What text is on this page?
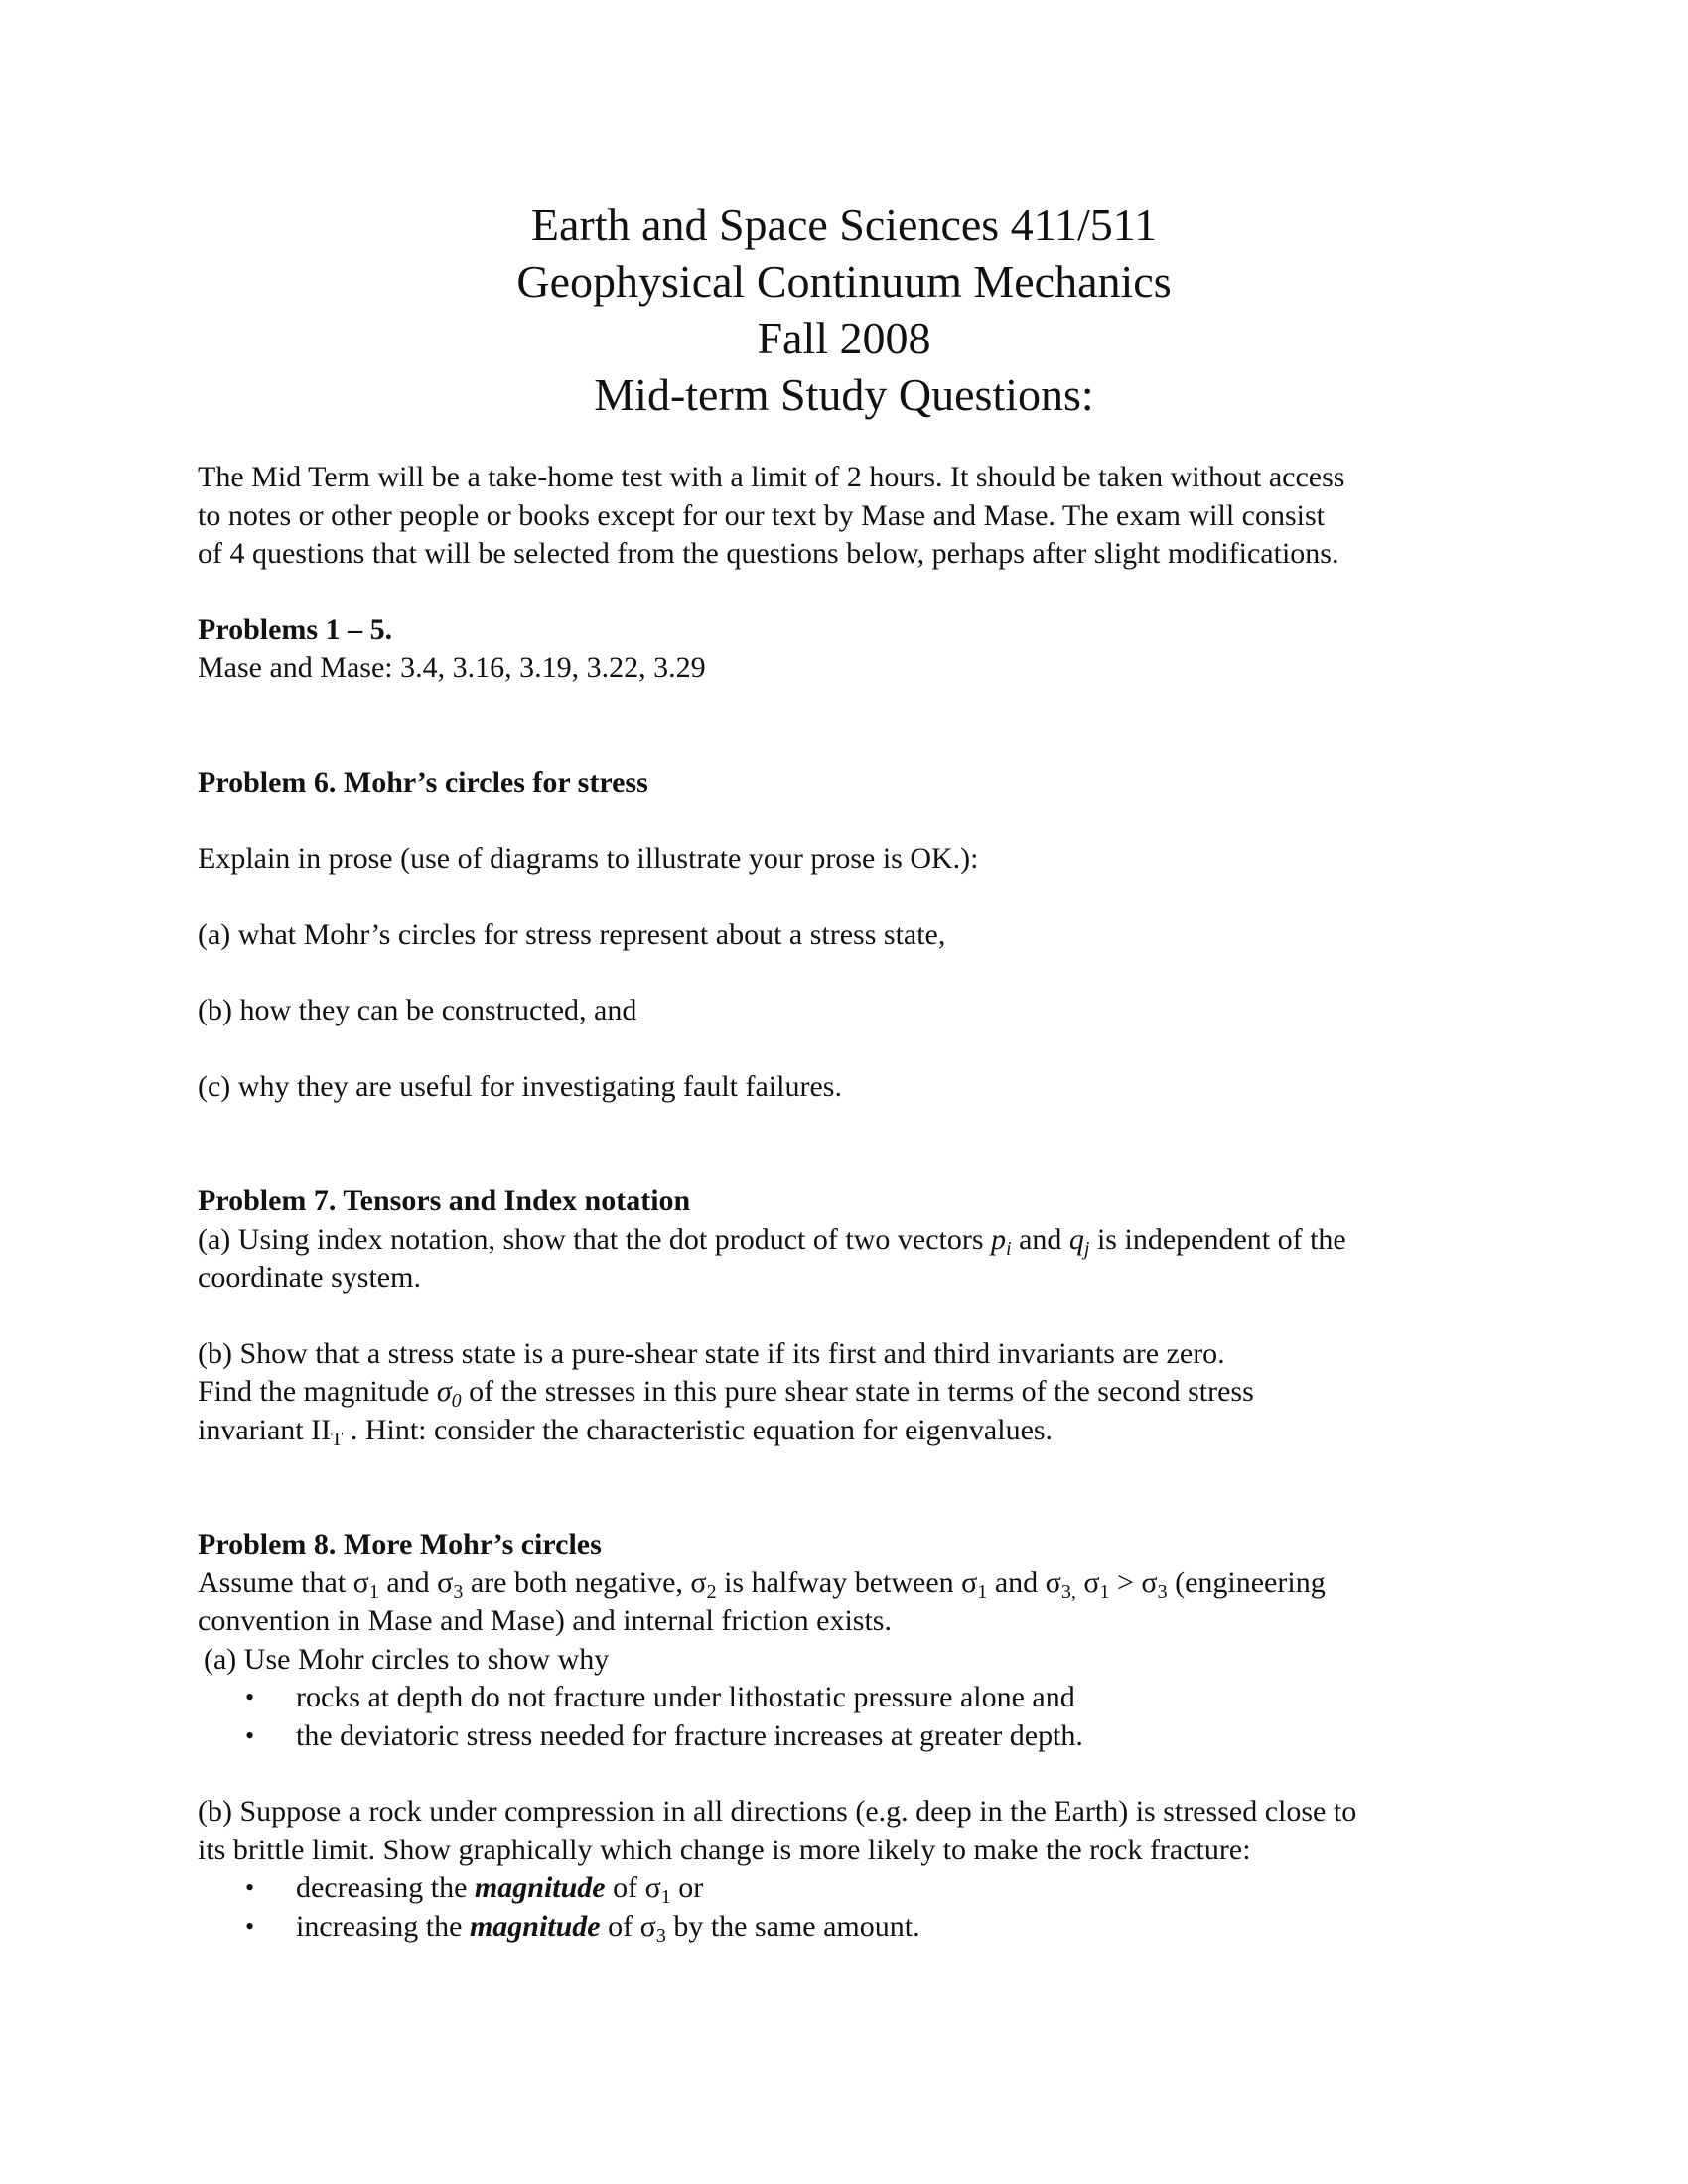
Earth and Space Sciences 411/511
Geophysical Continuum Mechanics
Fall 2008
Mid-term Study Questions:

The Mid Term will be a take-home test with a limit of 2 hours. It should be taken without access

to notes or other people or books except for our text by Mase and Mase. The exam will consist

of 4 questions that will be selected from the questions below, perhaps after slight modifications.

Problems 1 – 5.

Mase and Mase: 3.4, 3.16, 3.19, 3.22, 3.29

Problem 6. Mohr’s circles for stress

Explain in prose (use of diagrams to illustrate your prose is OK.):

(a) what Mohr’s circles for stress represent about a stress state,

(b) how they can be constructed, and

(c) why they are useful for investigating fault failures.

Problem 7. Tensors and Index notation

(a) Using index notation, show that the dot product of two vectors $p_i$ and $q_j$ is independent of the

coordinate system.

(b) Show that a stress state is a pure-shear state if its first and third invariants are zero.

Find the magnitude $\sigma_0$ of the stresses in this pure shear state in terms of the second stress

invariant $II_T$ . Hint: consider the characteristic equation for eigenvalues.

Problem 8. More Mohr’s circles

Assume that $\sigma_1$ and $\sigma_3$ are both negative, $\sigma_2$ is halfway between $\sigma_1$ and $\sigma_{3,}$ $\sigma_1 > \sigma_3$ (engineering

convention in Mase and Mase) and internal friction exists.

(a) Use Mohr circles to show why

• rocks at depth do not fracture under lithostatic pressure alone and
• the deviatoric stress needed for fracture increases at greater depth.

(b) Suppose a rock under compression in all directions (e.g. deep in the Earth) is stressed close to

its brittle limit. Show graphically which change is more likely to make the rock fracture:

• decreasing the magnitude of $\sigma_1$ or
• increasing the magnitude of $\sigma_3$ by the same amount.
